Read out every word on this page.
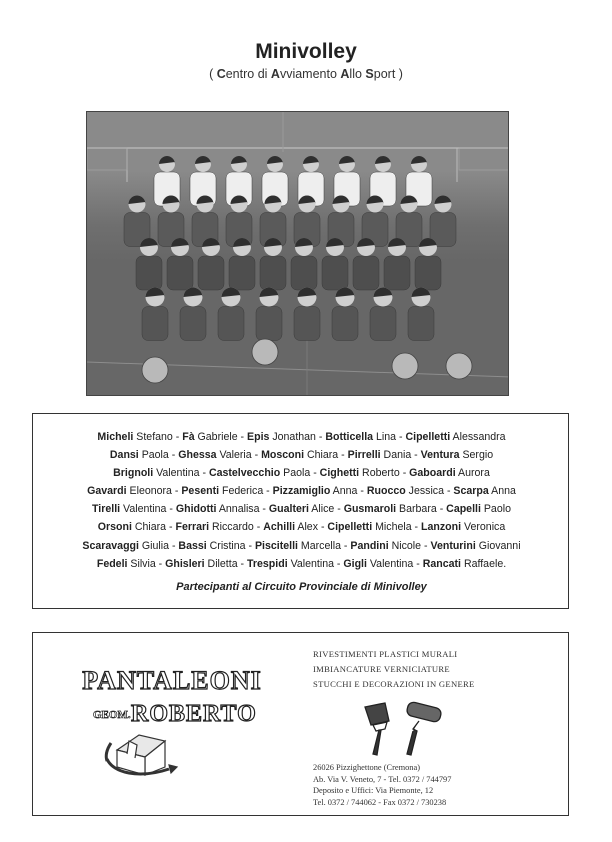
Minivolley
( Centro di Avviamento Allo Sport )
Micheli Stefano - Fà Gabriele - Epis Jonathan - Botticella Lina - Cipelletti Alessandra
Dansi Paola - Ghessa Valeria - Mosconi Chiara - Pirrelli Dania - Ventura Sergio
Brignoli Valentina - Castelvecchio Paola - Cighetti Roberto - Gaboardi Aurora
Gavardi Eleonora - Pesenti Federica - Pizzamiglio Anna - Ruocco Jessica - Scarpa Anna
Tirelli Valentina - Ghidotti Annalisa - Gualteri Alice - Gusmaroli Barbara - Capelli Paolo
Orsoni Chiara - Ferrari Riccardo - Achilli Alex - Cipelletti Michela - Lanzoni Veronica
Scaravaggi Giulia - Bassi Cristina - Piscitelli Marcella - Pandini Nicole - Venturini Giovanni
Fedeli Silvia - Ghisleri Diletta - Trespidi Valentina - Gigli Valentina - Rancati Raffaele.
Partecipanti al Circuito Provinciale di Minivolley
PANTALEONI
GEOM. ROBERTO
RIVESTIMENTI PLASTICI MURALI
IMBIANCATURE VERNICIATURE
STUCCHI E DECORAZIONI IN GENERE
26026 Pizzighettone (Cremona)
Ab. Via V. Veneto, 7 - Tel. 0372 / 744797
Deposito e Uffici: Via Piemonte, 12
Tel. 0372 / 744062 - Fax 0372 / 730238
